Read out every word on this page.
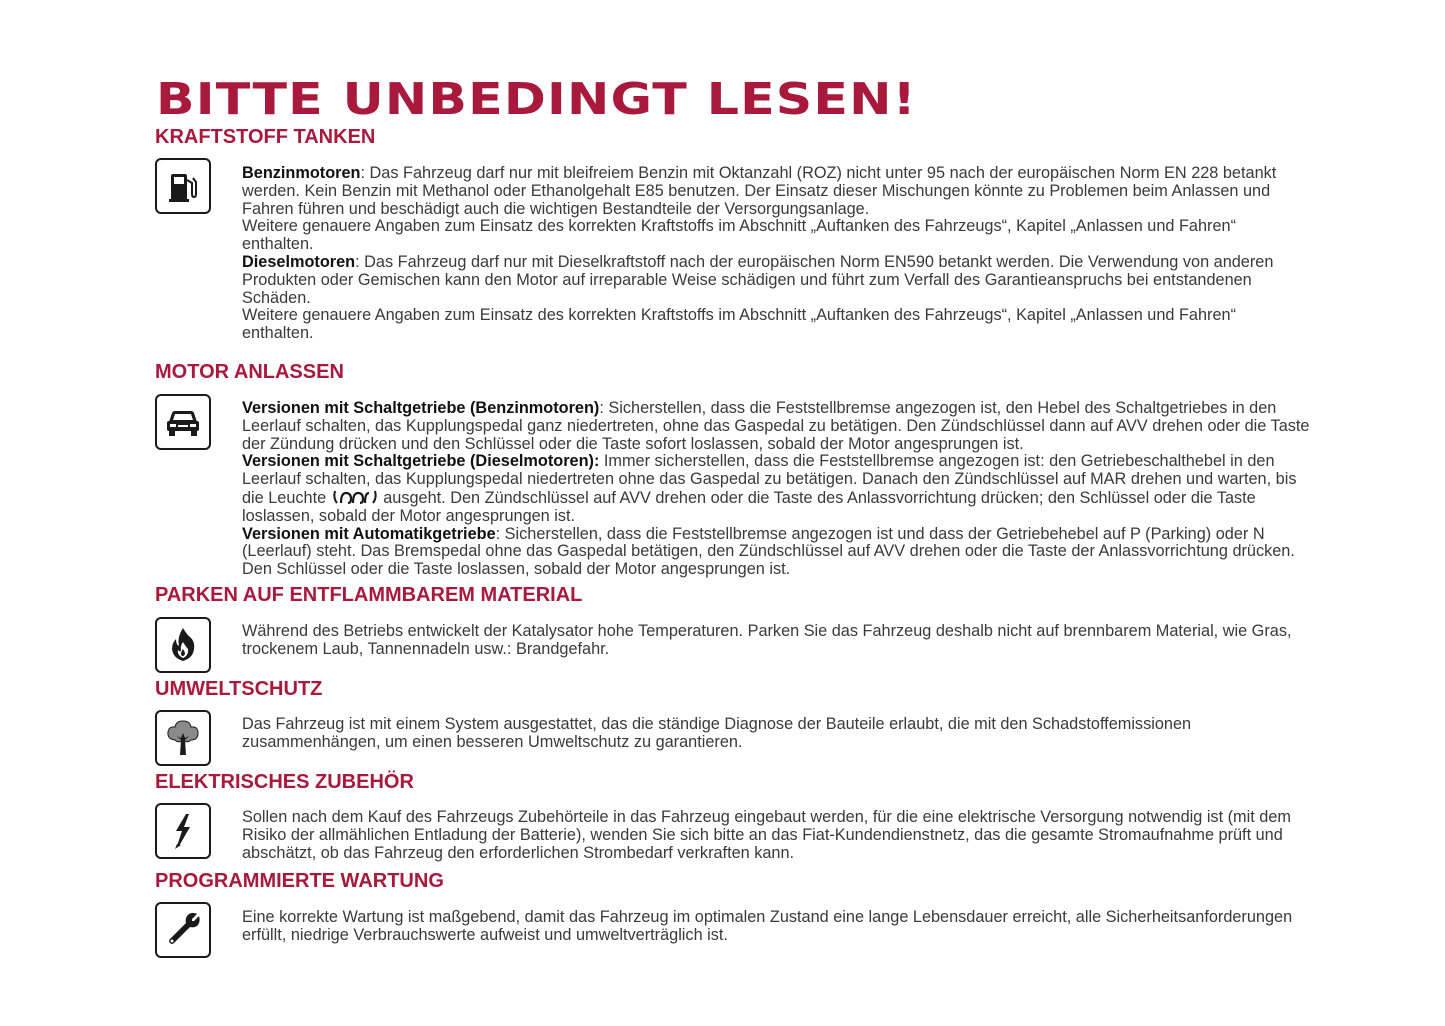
BITTE UNBEDINGT LESEN!
KRAFTSTOFF TANKEN

Benzinmotoren: Das Fahrzeug darf nur mit bleifreiem Benzin mit Oktanzahl (ROZ) nicht unter 95 nach der europäischen Norm EN 228 betankt werden. Kein Benzin mit Methanol oder Ethanolgehalt E85 benutzen. Der Einsatz dieser Mischungen könnte zu Problemen beim Anlassen und Fahren führen und beschädigt auch die wichtigen Bestandteile der Versorgungsanlage.

Weitere genauere Angaben zum Einsatz des korrekten Kraftstoffs im Abschnitt „Auftanken des Fahrzeugs“, Kapitel „Anlassen und Fahren“ enthalten.

Dieselmotoren: Das Fahrzeug darf nur mit Dieselkraftstoff nach der europäischen Norm EN590 betankt werden. Die Verwendung von anderen Produkten oder Gemischen kann den Motor auf irreparable Weise schädigen und führt zum Verfall des Garantieanspruchs bei entstandenen Schäden.

Weitere genauere Angaben zum Einsatz des korrekten Kraftstoffs im Abschnitt „Auftanken des Fahrzeugs“, Kapitel „Anlassen und Fahren“ enthalten.

MOTOR ANLASSEN

Versionen mit Schaltgetriebe (Benzinmotoren): Sicherstellen, dass die Feststellbremse angezogen ist, den Hebel des Schaltgetriebes in den Leerlauf schalten, das Kupplungspedal ganz niedertreten, ohne das Gaspedal zu betätigen. Den Zündschlüssel dann auf AVV drehen oder die Taste der Zündung drücken und den Schlüssel oder die Taste sofort loslassen, sobald der Motor angesprungen ist.

Versionen mit Schaltgetriebe (Dieselmotoren): Immer sicherstellen, dass die Feststellbremse angezogen ist: den Getriebeschalthebel in den Leerlauf schalten, das Kupplungspedal niedertreten ohne das Gaspedal zu betätigen. Danach den Zündschlüssel auf MAR drehen und warten, bis die Leuchte	ausgeht. Den Zündschlüssel auf AVV drehen oder die Taste des Anlassvorrichtung drücken; den Schlüssel oder die Taste loslassen, sobald der Motor angesprungen ist.

Versionen mit Automatikgetriebe: Sicherstellen, dass die Feststellbremse angezogen ist und dass der Getriebehebel auf P (Parking) oder N (Leerlauf) steht. Das Bremspedal ohne das Gaspedal betätigen, den Zündschlüssel auf AVV drehen oder die Taste der Anlassvorrichtung drücken. Den Schlüssel oder die Taste loslassen, sobald der Motor angesprungen ist.

PARKEN AUF ENTFLAMMBAREM MATERIAL

Während des Betriebs entwickelt der Katalysator hohe Temperaturen. Parken Sie das Fahrzeug deshalb nicht auf brennbarem Material, wie Gras, trockenem Laub, Tannennadeln usw.: Brandgefahr.

UMWELTSCHUTZ

Das Fahrzeug ist mit einem System ausgestattet, das die ständige Diagnose der Bauteile erlaubt, die mit den Schadstoffemissionen zusammenhängen, um einen besseren Umweltschutz zu garantieren.

ELEKTRISCHES ZUBEHÖR

Sollen nach dem Kauf des Fahrzeugs Zubehörteile in das Fahrzeug eingebaut werden, für die eine elektrische Versorgung notwendig ist (mit dem Risiko der allmählichen Entladung der Batterie), wenden Sie sich bitte an das Fiat-Kundendienstnetz, das die gesamte Stromaufnahme prüft und abschätzt, ob das Fahrzeug den erforderlichen Strombedarf verkraften kann.

PROGRAMMIERTE WARTUNG

Eine korrekte Wartung ist maßgebend, damit das Fahrzeug im optimalen Zustand eine lange Lebensdauer erreicht, alle Sicherheitsanforderungen erfüllt, niedrige Verbrauchswerte aufweist und umweltverträglich ist.
